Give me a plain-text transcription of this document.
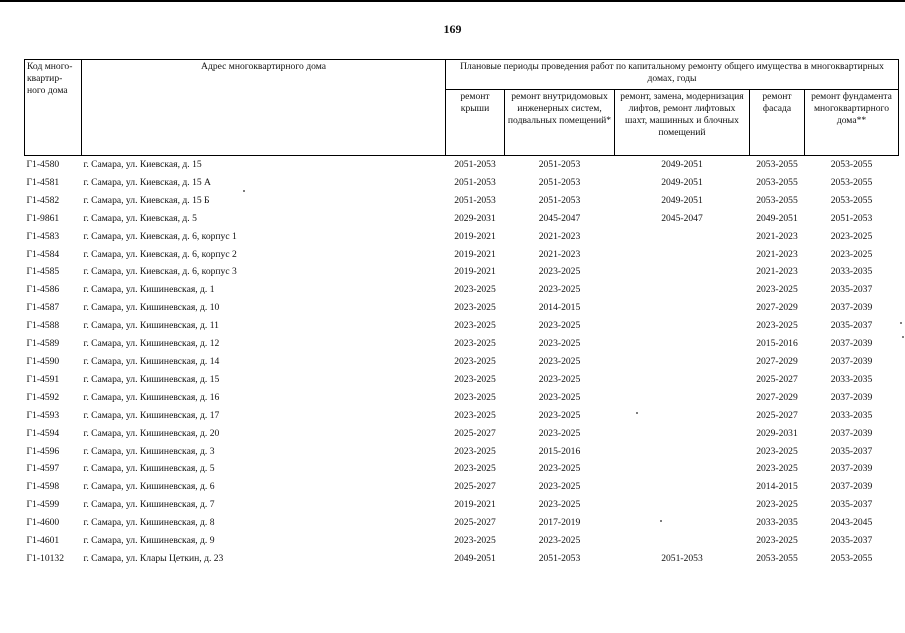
169
Код много-квартир-ного дома	Адрес многоквартирного дома	Плановые периоды проведения работ по капитальному ремонту общего имущества в многоквартирных домах, годы				
		ремонт крыши	ремонт внутридомовых инженерных систем, подвальных помещений*	ремонт, замена, модернизация лифтов, ремонт лифтовых шахт, машинных и блочных помещений	ремонт фасада	ремонт фундамента многоквартирного дома**
Г1-4580	г. Самара, ул. Киевская, д. 15	2051-2053	2051-2053	2049-2051	2053-2055	2053-2055
Г1-4581	г. Самара, ул. Киевская, д. 15 А	2051-2053	2051-2053	2049-2051	2053-2055	2053-2055
Г1-4582	г. Самара, ул. Киевская, д. 15 Б	2051-2053	2051-2053	2049-2051	2053-2055	2053-2055
Г1-9861	г. Самара, ул. Киевская, д. 5	2029-2031	2045-2047	2045-2047	2049-2051	2051-2053
Г1-4583	г. Самара, ул. Киевская, д. 6, корпус 1	2019-2021	2021-2023		2021-2023	2023-2025
Г1-4584	г. Самара, ул. Киевская, д. 6, корпус 2	2019-2021	2021-2023		2021-2023	2023-2025
Г1-4585	г. Самара, ул. Киевская, д. 6, корпус 3	2019-2021	2023-2025		2021-2023	2033-2035
Г1-4586	г. Самара, ул. Кишиневская, д. 1	2023-2025	2023-2025		2023-2025	2035-2037
Г1-4587	г. Самара, ул. Кишиневская, д. 10	2023-2025	2014-2015		2027-2029	2037-2039
Г1-4588	г. Самара, ул. Кишиневская, д. 11	2023-2025	2023-2025		2023-2025	2035-2037
Г1-4589	г. Самара, ул. Кишиневская, д. 12	2023-2025	2023-2025		2015-2016	2037-2039
Г1-4590	г. Самара, ул. Кишиневская, д. 14	2023-2025	2023-2025		2027-2029	2037-2039
Г1-4591	г. Самара, ул. Кишиневская, д. 15	2023-2025	2023-2025		2025-2027	2033-2035
Г1-4592	г. Самара, ул. Кишиневская, д. 16	2023-2025	2023-2025		2027-2029	2037-2039
Г1-4593	г. Самара, ул. Кишиневская, д. 17	2023-2025	2023-2025		2025-2027	2033-2035
Г1-4594	г. Самара, ул. Кишиневская, д. 20	2025-2027	2023-2025		2029-2031	2037-2039
Г1-4596	г. Самара, ул. Кишиневская, д. 3	2023-2025	2015-2016		2023-2025	2035-2037
Г1-4597	г. Самара, ул. Кишиневская, д. 5	2023-2025	2023-2025		2023-2025	2037-2039
Г1-4598	г. Самара, ул. Кишиневская, д. 6	2025-2027	2023-2025		2014-2015	2037-2039
Г1-4599	г. Самара, ул. Кишиневская, д. 7	2019-2021	2023-2025		2023-2025	2035-2037
Г1-4600	г. Самара, ул. Кишиневская, д. 8	2025-2027	2017-2019		2033-2035	2043-2045
Г1-4601	г. Самара, ул. Кишиневская, д. 9	2023-2025	2023-2025		2023-2025	2035-2037
Г1-10132	г. Самара, ул. Клары Цеткин, д. 23	2049-2051	2051-2053	2051-2053	2053-2055	2053-2055
